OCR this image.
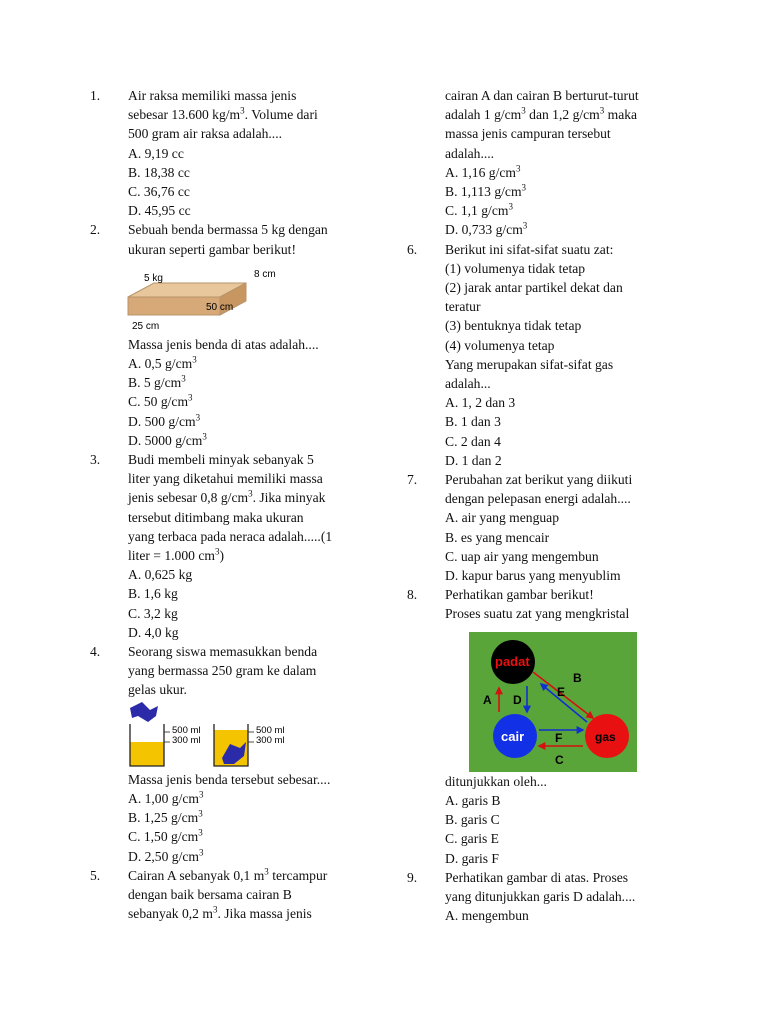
1. Air raksa memiliki massa jenis
sebesar 13.600 $kg/m^3$. Volume dari
500 gram air raksa adalah....
A. 9,19 cc
B. 18,38 cc
C. 36,76 cc
D. 45,95 cc
2. Sebuah benda bermassa 5 kg dengan
ukuran seperti gambar berikut!
5 kg	8 cm
50 cm
25 cm
Massa jenis benda di atas adalah....
A. 0,5 $g/cm^3$
B. 5 $g/cm^3$
C. 50 $g/cm^3$
D. 500 $g/cm^3$
D. 5000 $g/cm^3$
3. Budi membeli minyak sebanyak 5
liter yang diketahui memiliki massa
jenis sebesar 0,8 $g/cm^3$. Jika minyak
tersebut ditimbang maka ukuran
yang terbaca pada neraca adalah.....(1
liter = 1.000 $cm^3$)
A. 0,625 kg
B. 1,6 kg
C. 3,2 kg
D. 4,0 kg
4. Seorang siswa memasukkan benda
yang bermassa 250 gram ke dalam
gelas ukur.
500 ml
300 ml
500 ml
300 ml
Massa jenis benda tersebut sebesar....
A. 1,00 $g/cm^3$
B. 1,25 $g/cm^3$
C. 1,50 $g/cm^3$
D. 2,50 $g/cm^3$
5. Cairan A sebanyak 0,1 $m^3$ tercampur
dengan baik bersama cairan B
sebanyak 0,2 $m^3$. Jika massa jenis
cairan A dan cairan B berturut-turut
adalah 1 $g/cm^3$ dan 1,2 $g/cm^3$ maka
massa jenis campuran tersebut
adalah....
A. 1,16 $g/cm^3$
B. 1,113 $g/cm^3$
C. 1,1 $g/cm^3$
D. 0,733 $g/cm^3$
6. Berikut ini sifat-sifat suatu zat:
(1) volumenya tidak tetap
(2) jarak antar partikel dekat dan
teratur
(3) bentuknya tidak tetap
(4) volumenya tetap
Yang merupakan sifat-sifat gas
adalah...
A. 1, 2 dan 3
B. 1 dan 3
C. 2 dan 4
D. 1 dan 2
7. Perubahan zat berikut yang diikuti
dengan pelepasan energi adalah....
A. air yang menguap
B. es yang mencair
C. uap air yang mengembun
D. kapur barus yang menyublim
8. Perhatikan gambar berikut!
Proses suatu zat yang mengkristal
padat
cair	gas
A D
B
E
F
C
ditunjukkan oleh...
A. garis B
B. garis C
C. garis E
D. garis F
9. Perhatikan gambar di atas. Proses
yang ditunjukkan garis D adalah....
A. mengembun
